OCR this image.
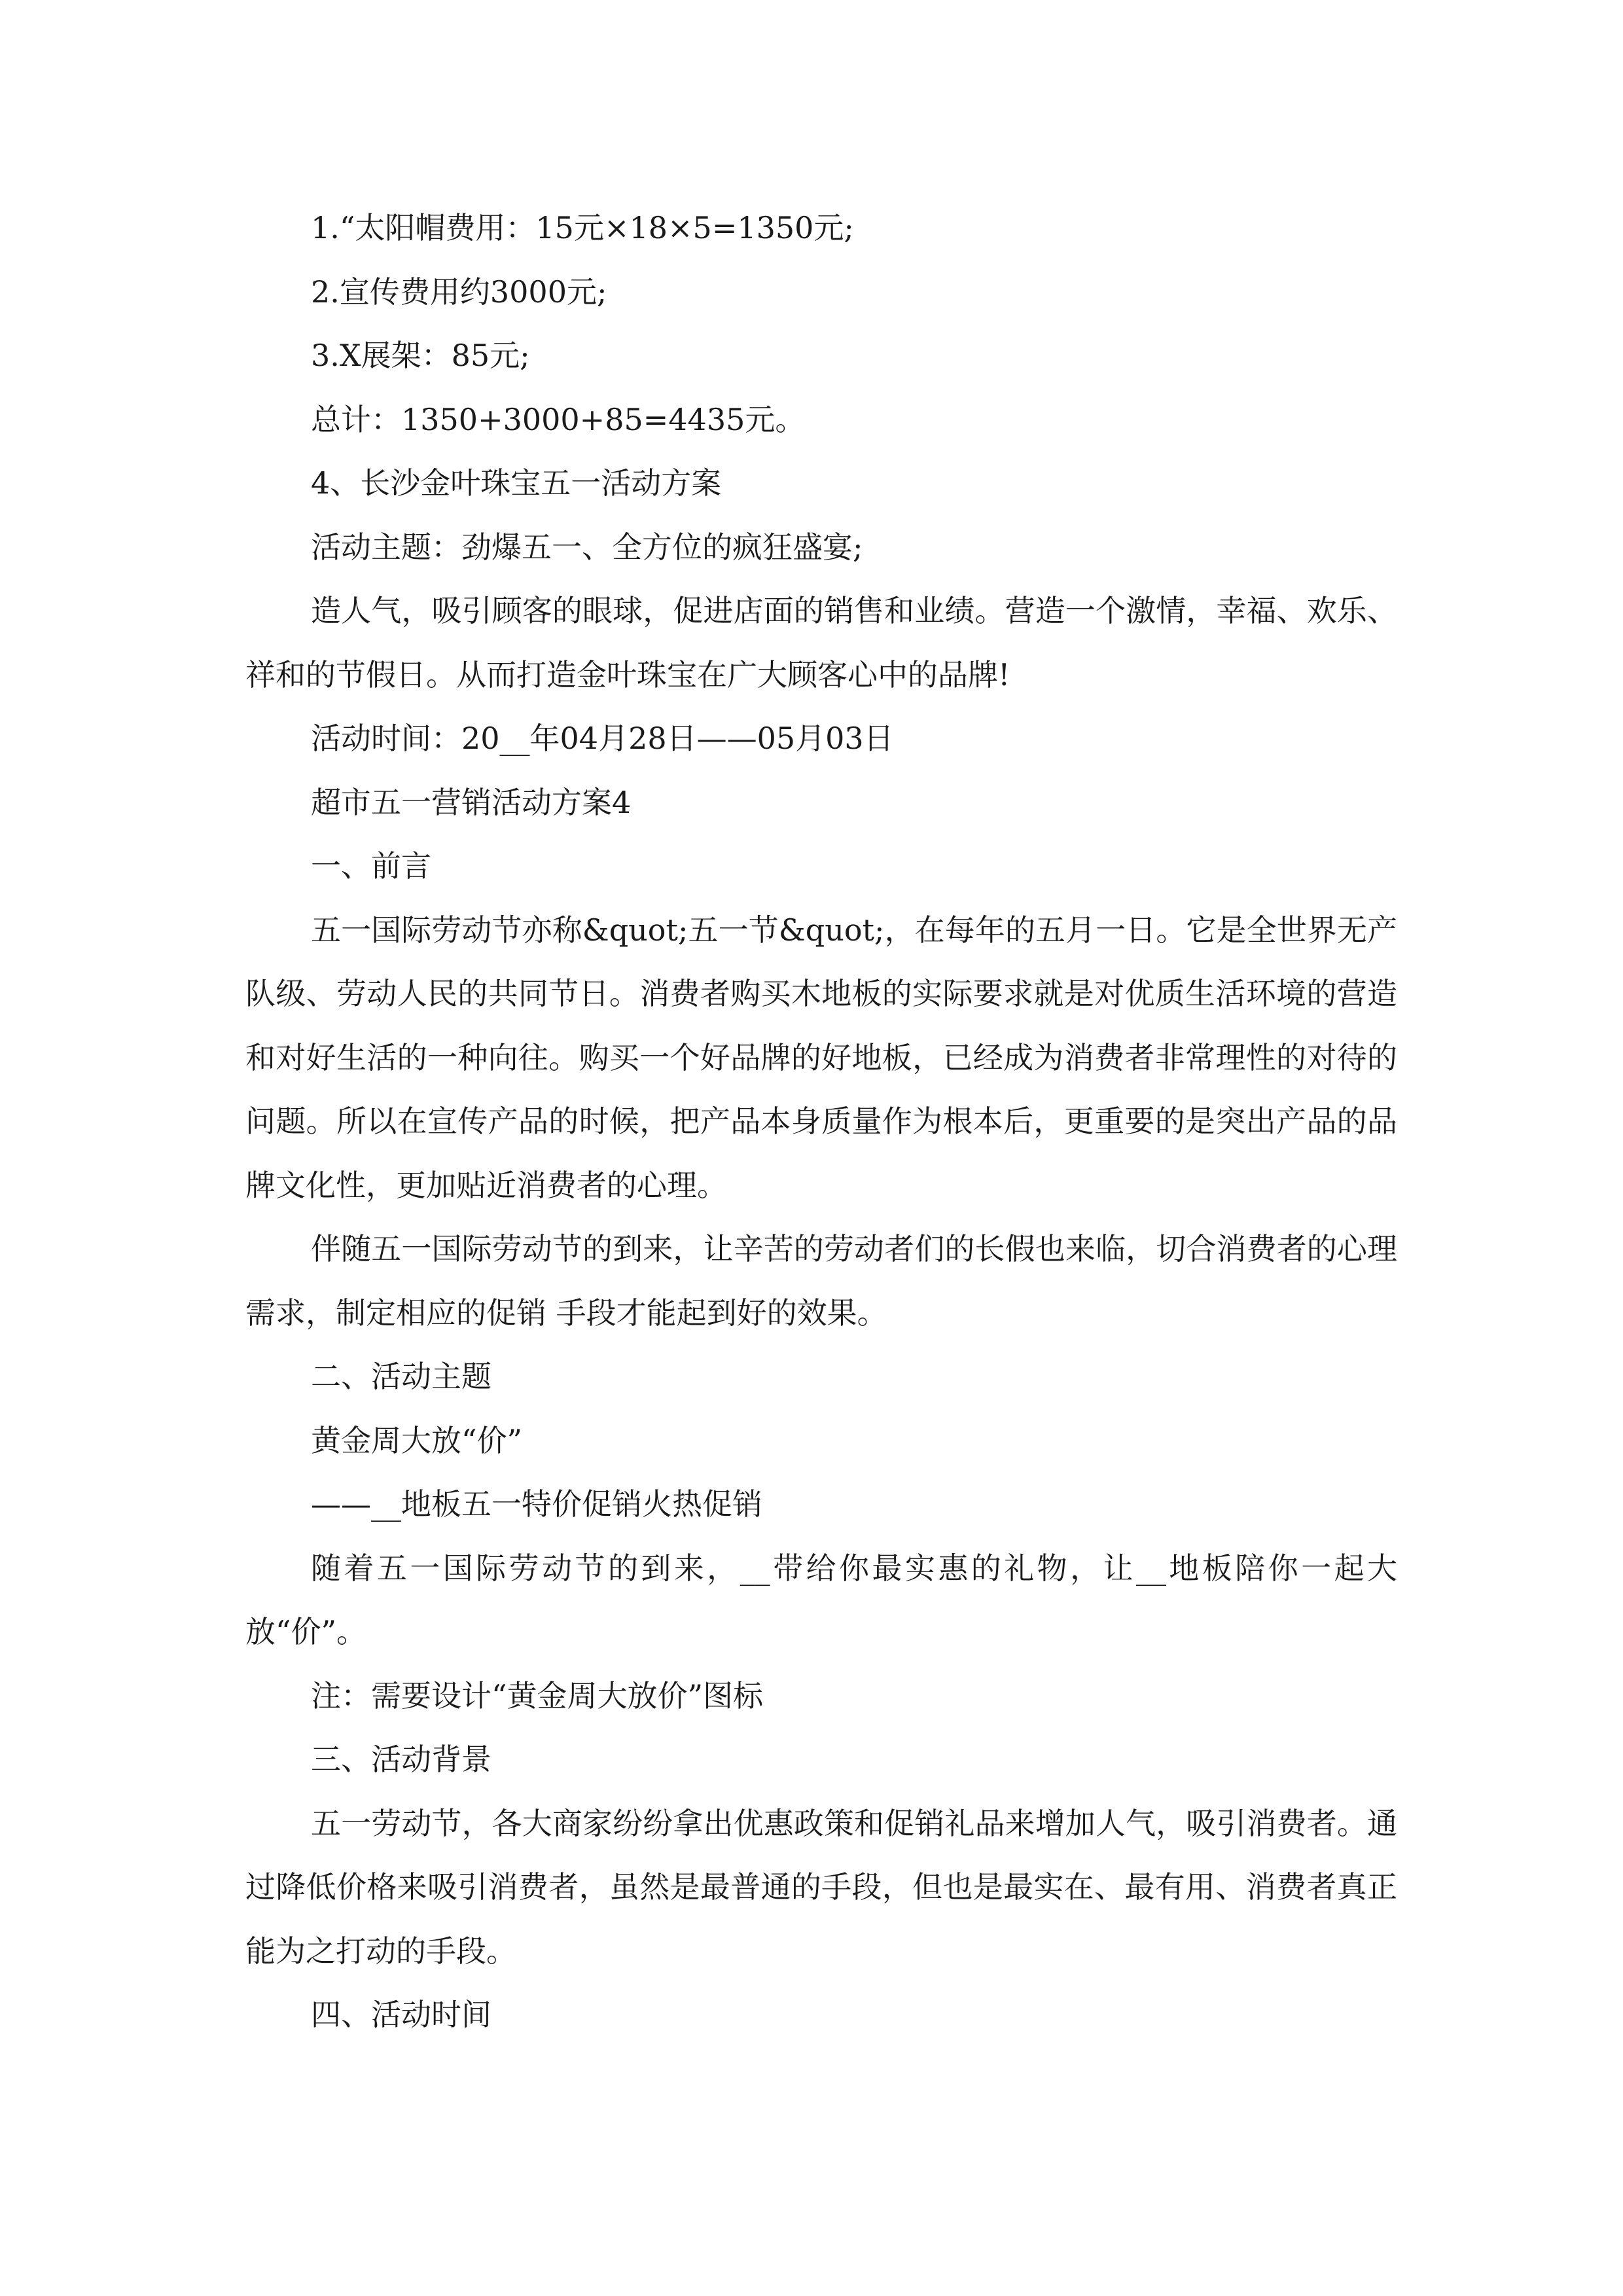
1.“太阳帽费用：15元×18×5=1350元;

2.宣传费用约3000元;

3.X展架：85元;

总计：1350+3000+85=4435元。

4、长沙金叶珠宝五一活动方案

活动主题：劲爆五一、全方位的疯狂盛宴;

造人气，吸引顾客的眼球，促进店面的销售和业绩。营造一个激情，幸福、欢乐、祥和的节假日。从而打造金叶珠宝在广大顾客心中的品牌!

活动时间：20__年04月28日——05月03日

超市五一营销活动方案4

一、前言

五一国际劳动节亦称&quot;五一节&quot;，在每年的五月一日。它是全世界无产队级、劳动人民的共同节日。消费者购买木地板的实际要求就是对优质生活环境的营造和对好生活的一种向往。购买一个好品牌的好地板，已经成为消费者非常理性的对待的问题。所以在宣传产品的时候，把产品本身质量作为根本后，更重要的是突出产品的品牌文化性，更加贴近消费者的心理。

伴随五一国际劳动节的到来，让辛苦的劳动者们的长假也来临，切合消费者的心理需求，制定相应的促销 手段才能起到好的效果。

二、活动主题

黄金周大放“价”

——__地板五一特价促销火热促销

随着五一国际劳动节的到来，__带给你最实惠的礼物，让__地板陪你一起大放“价”。

注：需要设计“黄金周大放价”图标

三、活动背景

五一劳动节，各大商家纷纷拿出优惠政策和促销礼品来增加人气，吸引消费者。通过降低价格来吸引消费者，虽然是最普通的手段，但也是最实在、最有用、消费者真正能为之打动的手段。

四、活动时间
